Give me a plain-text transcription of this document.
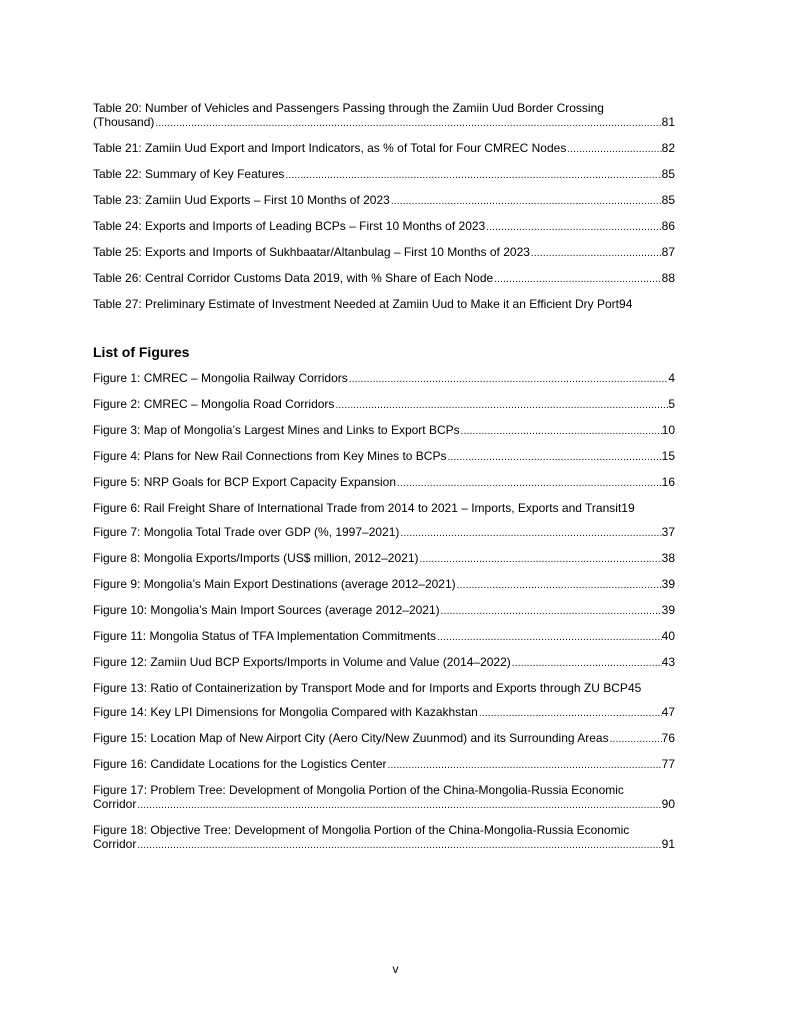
Table 20: Number of Vehicles and Passengers Passing through the Zamiin Uud Border Crossing
(Thousand) .....	81
Table 21: Zamiin Uud Export and Import Indicators, as % of Total for Four CMREC Nodes .....	82
Table 22: Summary of Key Features .....	85
Table 23: Zamiin Uud Exports – First 10 Months of 2023 .....	85
Table 24: Exports and Imports of Leading BCPs – First 10 Months of 2023 .....	86
Table 25: Exports and Imports of Sukhbaatar/Altanbulag – First 10 Months of 2023 .....	87
Table 26: Central Corridor Customs Data 2019, with % Share of Each Node .....	88
Table 27: Preliminary Estimate of Investment Needed at Zamiin Uud to Make it an Efficient Dry Port 94
List of Figures
Figure 1: CMREC – Mongolia Railway Corridors .....	4
Figure 2: CMREC – Mongolia Road Corridors .....	5
Figure 3: Map of Mongolia’s Largest Mines and Links to Export BCPs .....	10
Figure 4: Plans for New Rail Connections from Key Mines to BCPs .....	15
Figure 5: NRP Goals for BCP Export Capacity Expansion .....	16
Figure 6: Rail Freight Share of International Trade from 2014 to 2021 – Imports, Exports and Transit 19
Figure 7: Mongolia Total Trade over GDP (%, 1997–2021) .....	37
Figure 8: Mongolia Exports/Imports (US$ million, 2012–2021) .....	38
Figure 9: Mongolia’s Main Export Destinations (average 2012–2021) .....	39
Figure 10: Mongolia’s Main Import Sources (average 2012–2021) .....	39
Figure 11: Mongolia Status of TFA Implementation Commitments .....	40
Figure 12: Zamiin Uud BCP Exports/Imports in Volume and Value (2014–2022) .....	43
Figure 13: Ratio of Containerization by Transport Mode and for Imports and Exports through ZU BCP 45
Figure 14: Key LPI Dimensions for Mongolia Compared with Kazakhstan .....	47
Figure 15: Location Map of New Airport City (Aero City/New Zuunmod) and its Surrounding Areas .....	76
Figure 16: Candidate Locations for the Logistics Center .....	77
Figure 17: Problem Tree: Development of Mongolia Portion of the China-Mongolia-Russia Economic
Corridor .....	90
Figure 18: Objective Tree: Development of Mongolia Portion of the China-Mongolia-Russia Economic
Corridor .....	91
v
